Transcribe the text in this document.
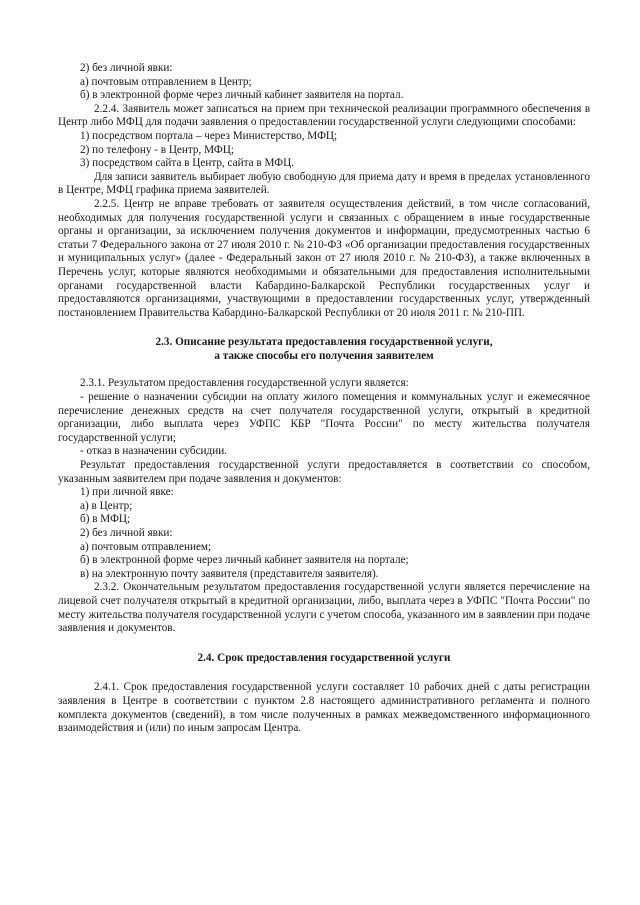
2) без личной явки:

а) почтовым отправлением в Центр;

б) в электронной форме через личный кабинет заявителя на портал.

2.2.4. Заявитель может записаться на прием при технической реализации программного обеспечения в Центр либо МФЦ для подачи заявления о предоставлении государственной услуги следующими способами:

1) посредством портала – через Министерство, МФЦ;

2) по телефону - в Центр, МФЦ;

3) посредством сайта в Центр, сайта в МФЦ.

Для записи заявитель выбирает любую свободную для приема дату и время в пределах установленного в Центре, МФЦ графика приема заявителей.

2.2.5. Центр не вправе требовать от заявителя осуществления действий, в том числе согласований, необходимых для получения государственной услуги и связанных с обращением в иные государственные органы и организации, за исключением получения документов и информации, предусмотренных частью 6 статьи 7 Федерального закона от 27 июля 2010 г. № 210-ФЗ «Об организации предоставления государственных и муниципальных услуг» (далее - Федеральный закон от 27 июля 2010 г. № 210-ФЗ), а также включенных в Перечень услуг, которые являются необходимыми и обязательными для предоставления исполнительными органами государственной власти Кабардино-Балкарской Республики государственных услуг и предоставляются организациями, участвующими в предоставлении государственных услуг, утвержденный постановлением Правительства Кабардино-Балкарской Республики от 20 июля 2011 г. № 210-ПП.

2.3. Описание результата предоставления государственной услуги,

а также способы его получения заявителем

2.3.1. Результатом предоставления государственной услуги является:

- решение о назначении субсидии на оплату жилого помещения и коммунальных услуг и ежемесячное перечисление денежных средств на счет получателя государственной услуги, открытый в кредитной организации, либо выплата через УФПС КБР "Почта России" по месту жительства получателя государственной услуги;

- отказ в назначении субсидии.

Результат предоставления государственной услуги предоставляется в соответствии со способом, указанным заявителем при подаче заявления и документов:

1) при личной явке:

а) в Центр;

б) в МФЦ;

2) без личной явки:

а) почтовым отправлением;

б) в электронной форме через личный кабинет заявителя на портале;

в) на электронную почту заявителя (представителя заявителя).

2.3.2. Окончательным результатом предоставления государственной услуги является перечисление на лицевой счет получателя открытый в кредитной организации, либо, выплата через в УФПС "Почта России" по месту жительства получателя государственной услуги с учетом способа, указанного им в заявлении при подаче заявления и документов.

2.4. Срок предоставления государственной услуги

2.4.1. Срок предоставления государственной услуги составляет 10 рабочих дней с даты регистрации заявления в Центре в соответствии с пунктом 2.8 настоящего административного регламента и полного комплекта документов (сведений), в том числе полученных в рамках межведомственного информационного взаимодействия и (или) по иным запросам Центра.
